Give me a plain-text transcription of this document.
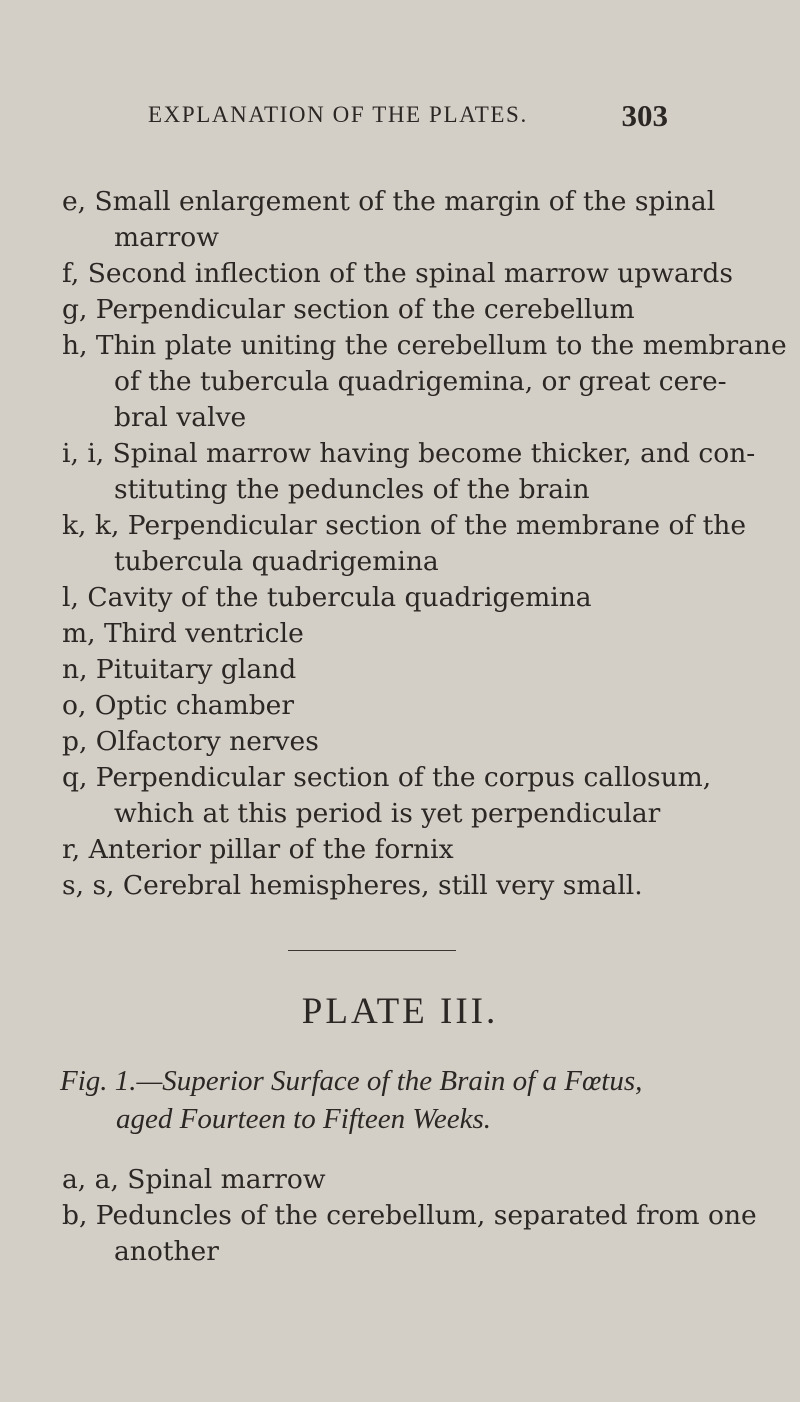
EXPLANATION OF THE PLATES.	303
e, Small enlargement of the margin of the spinal
marrow
f, Second inflection of the spinal marrow upwards
g, Perpendicular section of the cerebellum
h, Thin plate uniting the cerebellum to the membrane
of the tubercula quadrigemina, or great cere-
bral valve
i, i, Spinal marrow having become thicker, and con-
stituting the peduncles of the brain
k, k, Perpendicular section of the membrane of the
tubercula quadrigemina
l, Cavity of the tubercula quadrigemina
m, Third ventricle
n, Pituitary gland
o, Optic chamber
p, Olfactory nerves
q, Perpendicular section of the corpus callosum,
which at this period is yet perpendicular
r, Anterior pillar of the fornix
s, s, Cerebral hemispheres, still very small.
PLATE III.
Fig. 1.—Superior Surface of the Brain of a Fœtus,
aged Fourteen to Fifteen Weeks.
a, a, Spinal marrow
b, Peduncles of the cerebellum, separated from one
another
